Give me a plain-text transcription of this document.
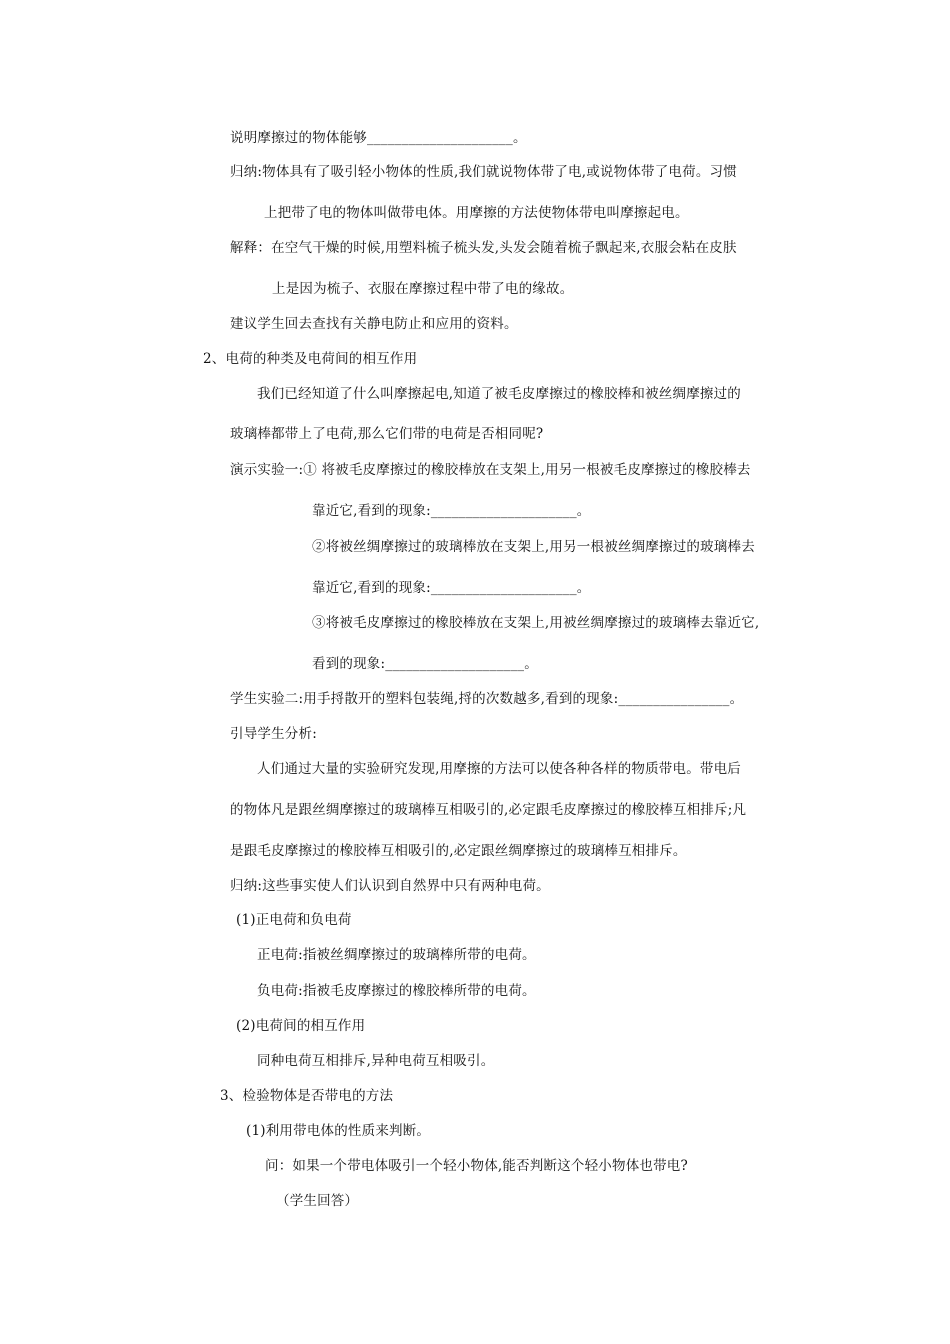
说明摩擦过的物体能够_____________________。
归纳:物体具有了吸引轻小物体的性质,我们就说物体带了电,或说物体带了电荷。习惯
上把带了电的物体叫做带电体。用摩擦的方法使物体带电叫摩擦起电。
解释：在空气干燥的时候,用塑料梳子梳头发,头发会随着梳子飘起来,衣服会粘在皮肤
上是因为梳子、衣服在摩擦过程中带了电的缘故。
建议学生回去查找有关静电防止和应用的资料。
2、电荷的种类及电荷间的相互作用
我们已经知道了什么叫摩擦起电,知道了被毛皮摩擦过的橡胶棒和被丝绸摩擦过的
玻璃棒都带上了电荷,那么它们带的电荷是否相同呢?
演示实验一:① 将被毛皮摩擦过的橡胶棒放在支架上,用另一根被毛皮摩擦过的橡胶棒去
靠近它,看到的现象:_____________________。
②将被丝绸摩擦过的玻璃棒放在支架上,用另一根被丝绸摩擦过的玻璃棒去
靠近它,看到的现象:_____________________。
③将被毛皮摩擦过的橡胶棒放在支架上,用被丝绸摩擦过的玻璃棒去靠近它,
看到的现象:____________________。
学生实验二:用手捋散开的塑料包装绳,捋的次数越多,看到的现象:________________。
引导学生分析:
人们通过大量的实验研究发现,用摩擦的方法可以使各种各样的物质带电。带电后
的物体凡是跟丝绸摩擦过的玻璃棒互相吸引的,必定跟毛皮摩擦过的橡胶棒互相排斥;凡
是跟毛皮摩擦过的橡胶棒互相吸引的,必定跟丝绸摩擦过的玻璃棒互相排斥。
归纳:这些事实使人们认识到自然界中只有两种电荷。
(1)正电荷和负电荷
正电荷:指被丝绸摩擦过的玻璃棒所带的电荷。
负电荷:指被毛皮摩擦过的橡胶棒所带的电荷。
(2)电荷间的相互作用
同种电荷互相排斥,异种电荷互相吸引。
3、检验物体是否带电的方法
(1)利用带电体的性质来判断。
问：如果一个带电体吸引一个轻小物体,能否判断这个轻小物体也带电?
（学生回答）
